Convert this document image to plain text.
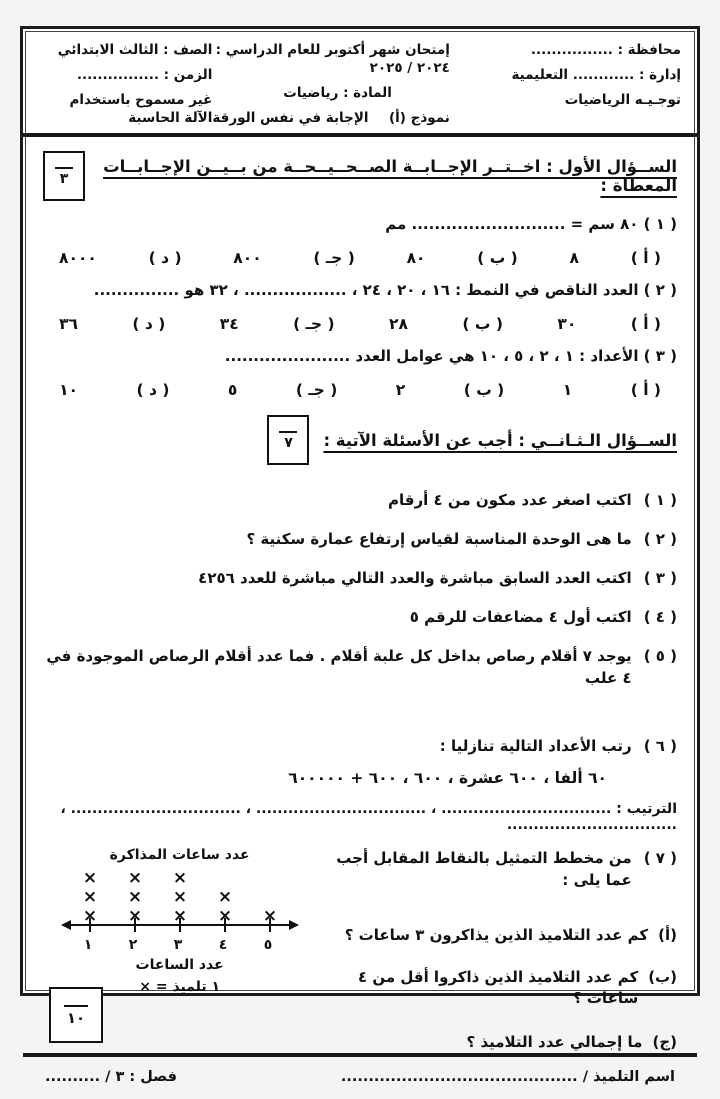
محافظة : ................
إدارة : ............ التعليمية
توجـيـه الرياضيات
إمتحان شهر أكتوبر للعام الدراسي : ٢٠٢٤ / ٢٠٢٥
المادة : رياضيات
نموذج (أ)
الإجابة في نفس الورقة
الصف : الثالث الابتدائي
الزمن : ................
غير مسموح باستخدام الآلة الحاسبة
الســؤال الأول : اخــتــر الإجــابــة الصــحــيــحــة من بــيــن الإجــابــات المعطاة :
٣
( ١ ) ٨٠ سم = ........................... مم
( أ )
٨
( ب )
٨٠
( جـ )
٨٠٠
( د )
٨٠٠٠
( ٢ ) العدد الناقص في النمط : ١٦ ، ٢٠ ، ٢٤ ، .................. ، ٣٢ هو ...............
( أ )
٣٠
( ب )
٢٨
( جـ )
٣٤
( د )
٣٦
( ٣ ) الأعداد : ١ ، ٢ ، ٥ ، ١٠ هي عوامل العدد ......................
( أ )
١
( ب )
٢
( جـ )
٥
( د )
١٠
الســؤال الـثـانــي : أجب عن الأسئلة الآتية :
٧
( ١ )
اكتب اصغر عدد مكون من ٤ أرقام
( ٢ )
ما هى الوحدة المناسبة لقياس إرتفاع عمارة سكنية ؟
( ٣ )
اكتب العدد السابق مباشرة والعدد التالي مباشرة للعدد ٤٢٥٦
( ٤ )
اكتب أول ٤ مضاعفات للرقم ٥
( ٥ )
يوجد ٧ أقلام رصاص بداخل كل علبة أقلام . فما عدد أقلام الرصاص الموجودة في ٤ علب
( ٦ )
رتب الأعداد التالية تنازليا :
٦٠ ألفا ، ٦٠٠ عشرة ، ٦٠٠ ، ٦٠٠ + ٦٠٠٠٠٠
الترتيب : ................................ ، ................................ ، ................................ ، ................................
( ٧ )
من مخطط التمثيل بالنقاط المقابل أجب عما يلى :
(أ)
كم عدد التلاميذ الذين يذاكرون ٣ ساعات ؟
(ب)
كم عدد التلاميذ الذين ذاكروا أقل من ٤ ساعات ؟
(ج)
ما إجمالي عدد التلاميذ ؟
عدد ساعات المذاكرة
١
×
×
×
٢
×
×
×
٣
×
×
×
٤
×
×
٥
×
عدد الساعات
× = ١ تلميذ
١٠
اسم التلميذ / ...........................................
فصل : ٣ / ..........
